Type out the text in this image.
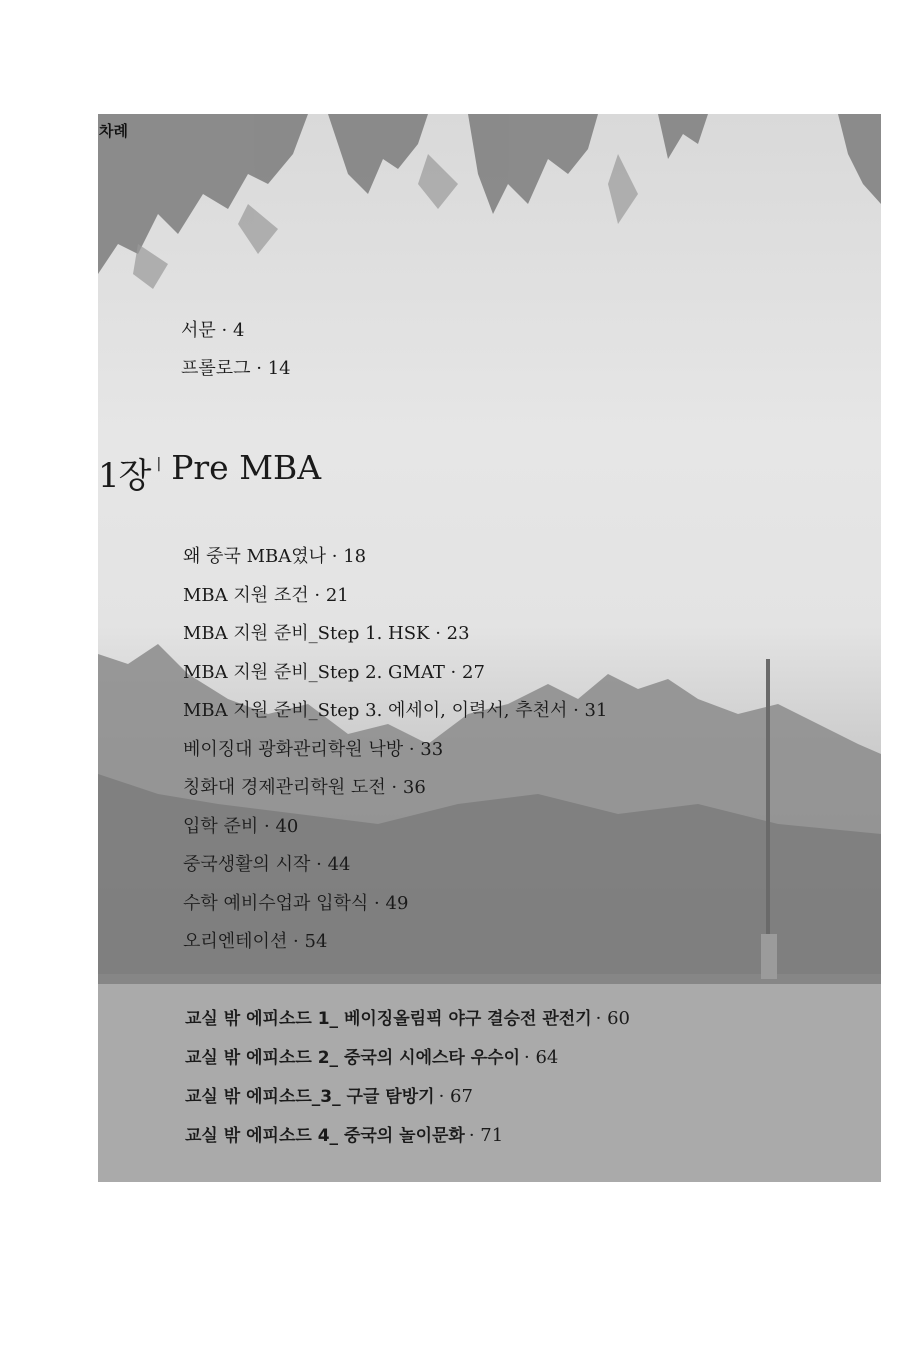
차례
서문 · 4
프롤로그 · 14
1장 | Pre MBA
왜 중국 MBA였나 · 18
MBA 지원 조건 · 21
MBA 지원 준비_Step 1. HSK · 23
MBA 지원 준비_Step 2. GMAT · 27
MBA 지원 준비_Step 3. 에세이, 이력서, 추천서 · 31
베이징대 광화관리학원 낙방 · 33
칭화대 경제관리학원 도전 · 36
입학 준비 · 40
중국생활의 시작 · 44
수학 예비수업과 입학식 · 49
오리엔테이션 · 54
교실 밖 에피소드 1_ 베이징올림픽 야구 결승전 관전기 · 60
교실 밖 에피소드 2_ 중국의 시에스타 우수이 · 64
교실 밖 에피소드_3_ 구글 탐방기 · 67
교실 밖 에피소드 4_ 중국의 놀이문화 · 71
